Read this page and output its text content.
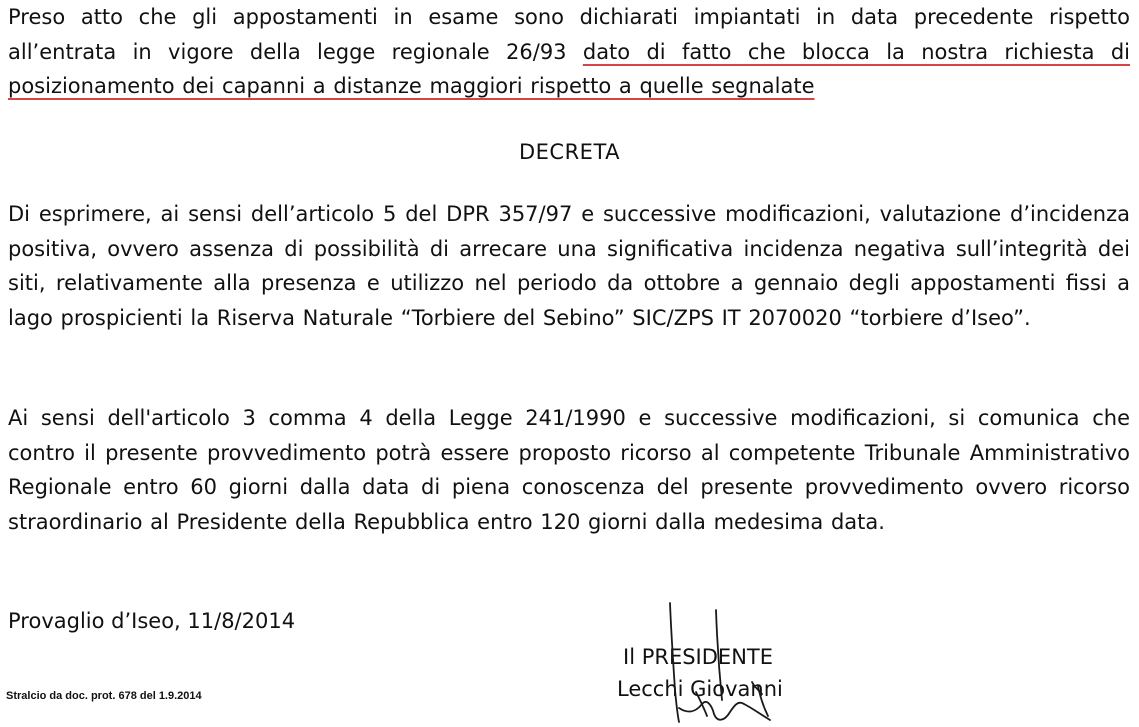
Preso atto che gli appostamenti in esame sono dichiarati impiantati in data precedente rispetto all’entrata in vigore della legge regionale 26/93 dato di fatto che blocca la nostra richiesta di posizionamento dei capanni a distanze maggiori rispetto a quelle segnalate

DECRETA

Di esprimere, ai sensi dell’articolo 5 del DPR 357/97 e successive modificazioni, valutazione d’incidenza positiva, ovvero assenza di possibilità di arrecare una significativa incidenza negativa sull’integrità dei siti, relativamente alla presenza e utilizzo nel periodo da ottobre a gennaio degli appostamenti fissi a lago prospicienti la Riserva Naturale “Torbiere del Sebino” SIC/ZPS IT 2070020 “torbiere d’Iseo”.

Ai sensi dell'articolo 3 comma 4 della Legge 241/1990 e successive modificazioni, si comunica che contro il presente provvedimento potrà essere proposto ricorso al competente Tribunale Amministrativo Regionale entro 60 giorni dalla data di piena conoscenza del presente provvedimento ovvero ricorso straordinario al Presidente della Repubblica entro 120 giorni dalla medesima data.

Provaglio d’Iseo, 11/8/2014
Il PRESIDENTE
Lecchi Giovanni
Stralcio da doc. prot. 678 del 1.9.2014
